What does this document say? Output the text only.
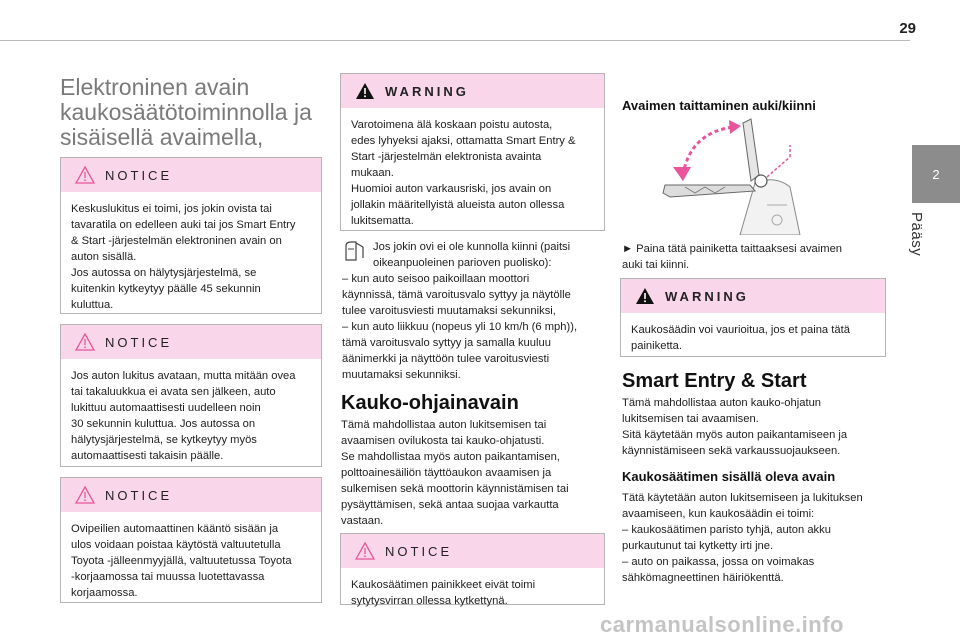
29
2
Pääsy
Elektroninen avain
kaukosäätötoiminnolla ja
sisäisellä avaimella,
NOTICE
Keskuslukitus ei toimi, jos jokin ovista tai
tavaratila on edelleen auki tai jos Smart Entry
& Start -järjestelmän elektroninen avain on
auton sisällä.
Jos autossa on hälytysjärjestelmä, se
kuitenkin kytkeytyy päälle 45 sekunnin
kuluttua.
NOTICE
Jos auton lukitus avataan, mutta mitään ovea
tai takaluukkua ei avata sen jälkeen, auto
lukittuu automaattisesti uudelleen noin
30 sekunnin kuluttua. Jos autossa on
hälytysjärjestelmä, se kytkeytyy myös
automaattisesti takaisin päälle.
NOTICE
Ovipeilien automaattinen kääntö sisään ja
ulos voidaan poistaa käytöstä valtuutetulla
Toyota -jälleenmyyjällä, valtuutetussa Toyota
-korjaamossa tai muussa luotettavassa
korjaamossa.
WARNING
Varotoimena älä koskaan poistu autosta,
edes lyhyeksi ajaksi, ottamatta Smart Entry &
Start -järjestelmän elektronista avainta
mukaan.
Huomioi auton varkausriski, jos avain on
jollakin määritellyistä alueista auton ollessa
lukitsematta.
Jos jokin ovi ei ole kunnolla kiinni (paitsi
oikeanpuoleinen parioven puolisko):
– kun auto seisoo paikoillaan moottori
käynnissä, tämä varoitusvalo syttyy ja näytölle
tulee varoitusviesti muutamaksi sekunniksi,
– kun auto liikkuu (nopeus yli 10 km/h (6 mph)),
tämä varoitusvalo syttyy ja samalla kuuluu
äänimerkki ja näyttöön tulee varoitusviesti
muutamaksi sekunniksi.
Kauko-ohjainavain
Tämä mahdollistaa auton lukitsemisen tai
avaamisen ovilukosta tai kauko-ohjatusti.
Se mahdollistaa myös auton paikantamisen,
polttoainesäiliön täyttöaukon avaamisen ja
sulkemisen sekä moottorin käynnistämisen tai
pysäyttämisen, sekä antaa suojaa varkautta
vastaan.
NOTICE
Kaukosäätimen painikkeet eivät toimi
sytytysvirran ollessa kytkettynä.
Avaimen taittaminen auki/kiinni
► Paina tätä painiketta taittaaksesi avaimen
auki tai kiinni.
WARNING
Kaukosäädin voi vaurioitua, jos et paina tätä
painiketta.
Smart Entry & Start
Tämä mahdollistaa auton kauko-ohjatun
lukitsemisen tai avaamisen.
Sitä käytetään myös auton paikantamiseen ja
käynnistämiseen sekä varkaussuojaukseen.
Kaukosäätimen sisällä oleva avain
Tätä käytetään auton lukitsemiseen ja lukituksen
avaamiseen, kun kaukosäädin ei toimi:
– kaukosäätimen paristo tyhjä, auton akku
purkautunut tai kytketty irti jne.
– auto on paikassa, jossa on voimakas
sähkömagneettinen häiriökenttä.
carmanualsonline.info
